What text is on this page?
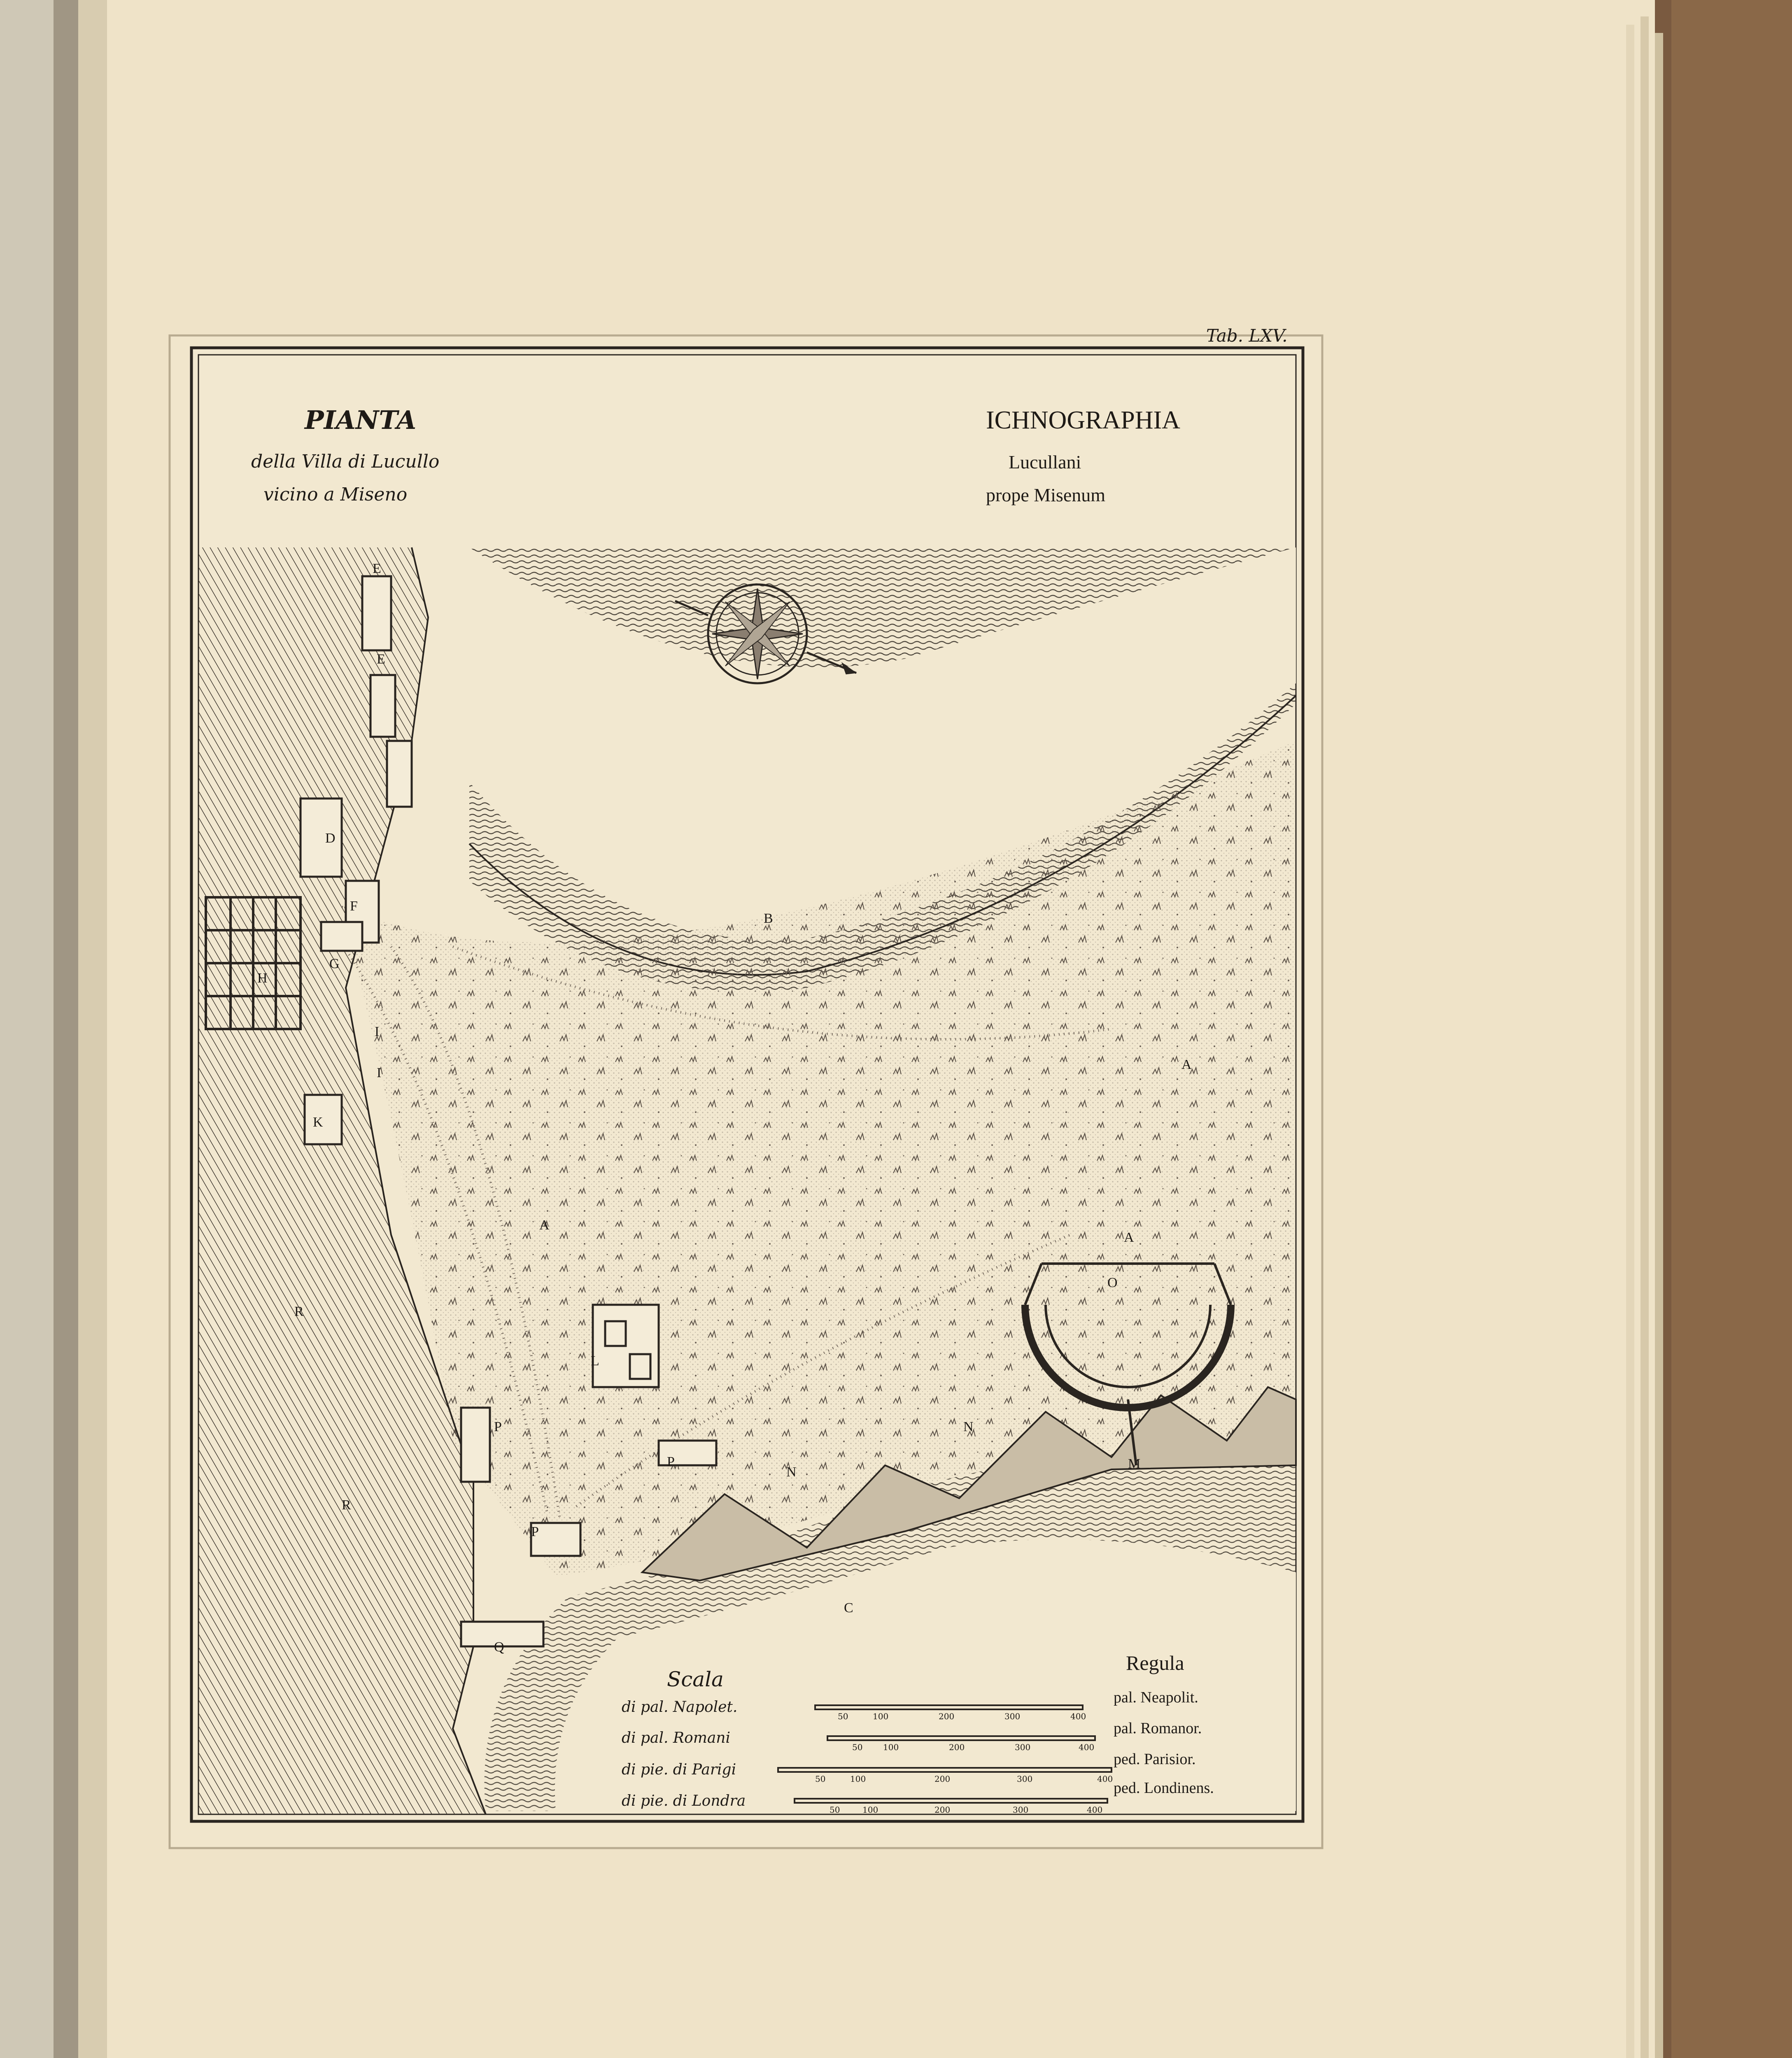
Tab. LXV.
PIANTA
della Villa di Lucullo
vicino a Miseno
ICHNOGRAPHIA
Lucullani
prope Misenum
A
A
A
B
C
D
E
E
F
G
H
I
I
K
L
M
N
N
O
P
P
P
Q
R
R
Scala
Regula
di pal. Napolet.
di pal. Romani
di pie. di Parigi
di pie. di Londra
pal. Neapolit.
pal. Romanor.
ped. Parisior.
ped. Londinens.
50	100	200	300	400
50 100	200	300	400
50	100	200	300	400
50	100	200	300	400
